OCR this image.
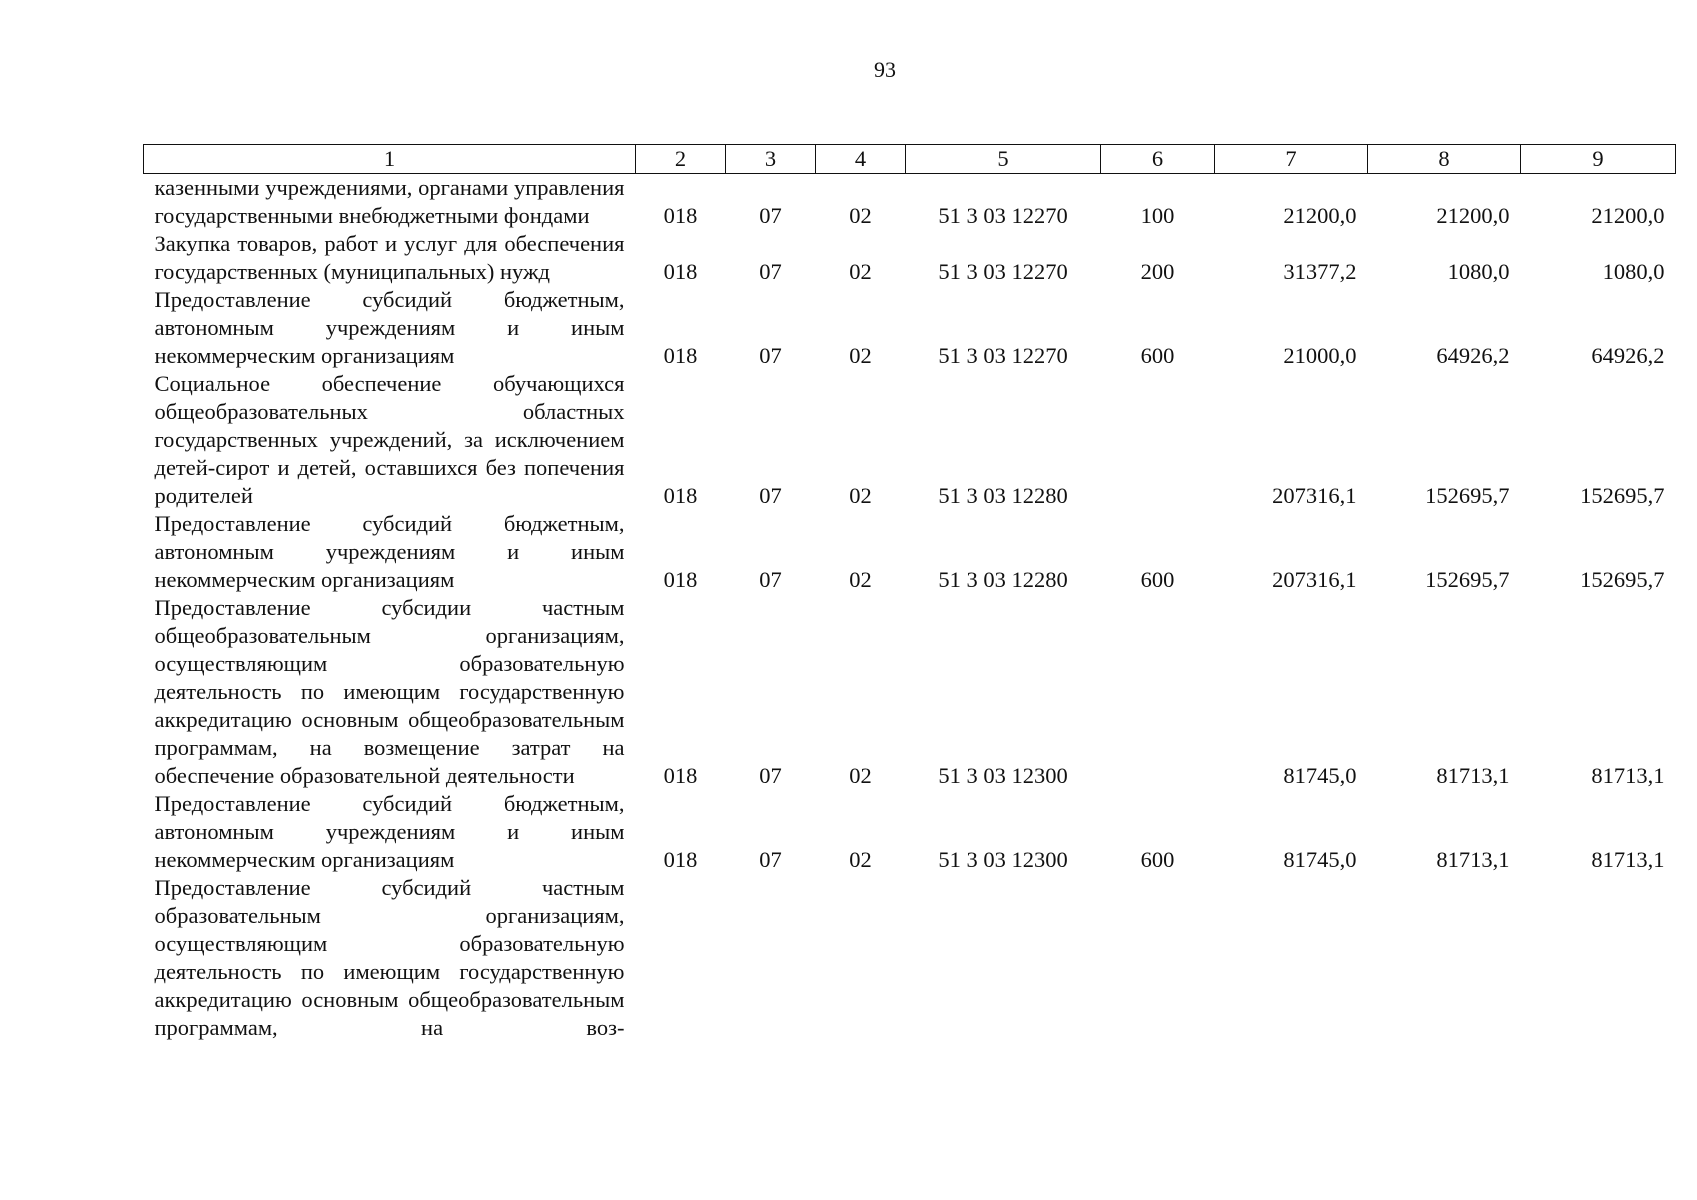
93
1	2	3	4	5	6	7	8	9
казенными учреждениями, органами управления государственными внебюджетными фондами	018	07	02	51 3 03 12270	100	21200,0	21200,0	21200,0
Закупка товаров, работ и услуг для обеспечения государственных (муниципальных) нужд	018	07	02	51 3 03 12270	200	31377,2	1080,0	1080,0
Предоставление субсидий бюджетным, автономным учреждениям и иным некоммерческим организациям	018	07	02	51 3 03 12270	600	21000,0	64926,2	64926,2
Социальное обеспечение обучающихся общеобразовательных областных государственных учреждений, за исключением детей-сирот и детей, оставшихся без попечения родителей	018	07	02	51 3 03 12280		207316,1	152695,7	152695,7
Предоставление субсидий бюджетным, автономным учреждениям и иным некоммерческим организациям	018	07	02	51 3 03 12280	600	207316,1	152695,7	152695,7
Предоставление субсидии частным общеобразовательным организациям, осуществляющим образовательную деятельность по имеющим государственную аккредитацию основным общеобразовательным программам, на возмещение затрат на обеспечение образовательной деятельности	018	07	02	51 3 03 12300		81745,0	81713,1	81713,1
Предоставление субсидий бюджетным, автономным учреждениям и иным некоммерческим организациям	018	07	02	51 3 03 12300	600	81745,0	81713,1	81713,1
Предоставление субсидий частным образовательным организациям, осуществляющим образовательную деятельность по имеющим государственную аккредитацию основным общеобразовательным программам, на воз-								
